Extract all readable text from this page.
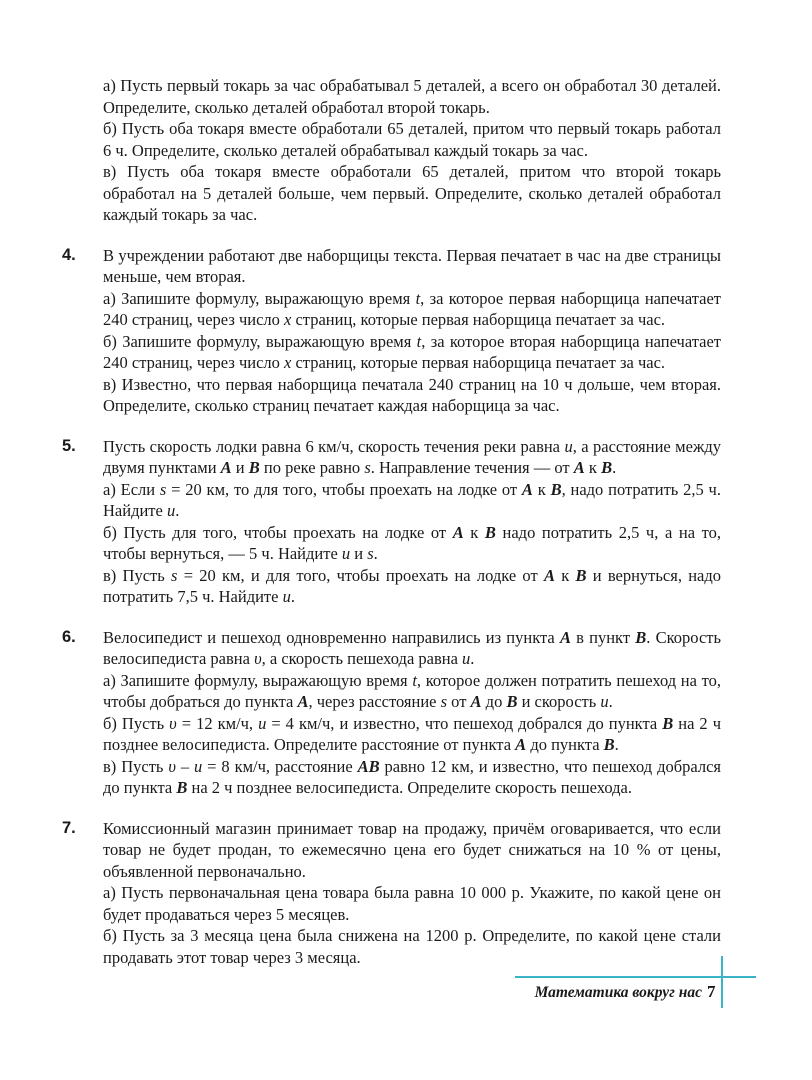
а) Пусть первый токарь за час обрабатывал 5 деталей, а всего он обработал 30 деталей. Определите, сколько деталей обработал второй токарь.
б) Пусть оба токаря вместе обработали 65 деталей, притом что первый токарь работал 6 ч. Определите, сколько деталей обрабатывал каждый токарь за час.
в) Пусть оба токаря вместе обработали 65 деталей, притом что второй токарь обработал на 5 деталей больше, чем первый. Определите, сколько деталей обработал каждый токарь за час.
4. В учреждении работают две наборщицы текста. Первая печатает в час на две страницы меньше, чем вторая.
а) Запишите формулу, выражающую время t, за которое первая наборщица напечатает 240 страниц, через число x страниц, которые первая наборщица печатает за час.
б) Запишите формулу, выражающую время t, за которое вторая наборщица напечатает 240 страниц, через число x страниц, которые первая наборщица печатает за час.
в) Известно, что первая наборщица печатала 240 страниц на 10 ч дольше, чем вторая. Определите, сколько страниц печатает каждая наборщица за час.
5. Пусть скорость лодки равна 6 км/ч, скорость течения реки равна u, а расстояние между двумя пунктами A и B по реке равно s. Направление течения — от A к B.
а) Если s = 20 км, то для того, чтобы проехать на лодке от A к B, надо потратить 2,5 ч. Найдите u.
б) Пусть для того, чтобы проехать на лодке от A к B надо потратить 2,5 ч, а на то, чтобы вернуться, — 5 ч. Найдите u и s.
в) Пусть s = 20 км, и для того, чтобы проехать на лодке от A к B и вернуться, надо потратить 7,5 ч. Найдите u.
6. Велосипедист и пешеход одновременно направились из пункта A в пункт B. Скорость велосипедиста равна υ, а скорость пешехода равна u.
а) Запишите формулу, выражающую время t, которое должен потратить пешеход на то, чтобы добраться до пункта A, через расстояние s от A до B и скорость u.
б) Пусть υ = 12 км/ч, u = 4 км/ч, и известно, что пешеход добрался до пункта B на 2 ч позднее велосипедиста. Определите расстояние от пункта A до пункта B.
в) Пусть υ – u = 8 км/ч, расстояние AB равно 12 км, и известно, что пешеход добрался до пункта B на 2 ч позднее велосипедиста. Определите скорость пешехода.
7. Комиссионный магазин принимает товар на продажу, причём оговаривается, что если товар не будет продан, то ежемесячно цена его будет снижаться на 10 % от цены, объявленной первоначально.
а) Пусть первоначальная цена товара была равна 10 000 р. Укажите, по какой цене он будет продаваться через 5 месяцев.
б) Пусть за 3 месяца цена была снижена на 1200 р. Определите, по какой цене стали продавать этот товар через 3 месяца.
Математика вокруг нас 7
